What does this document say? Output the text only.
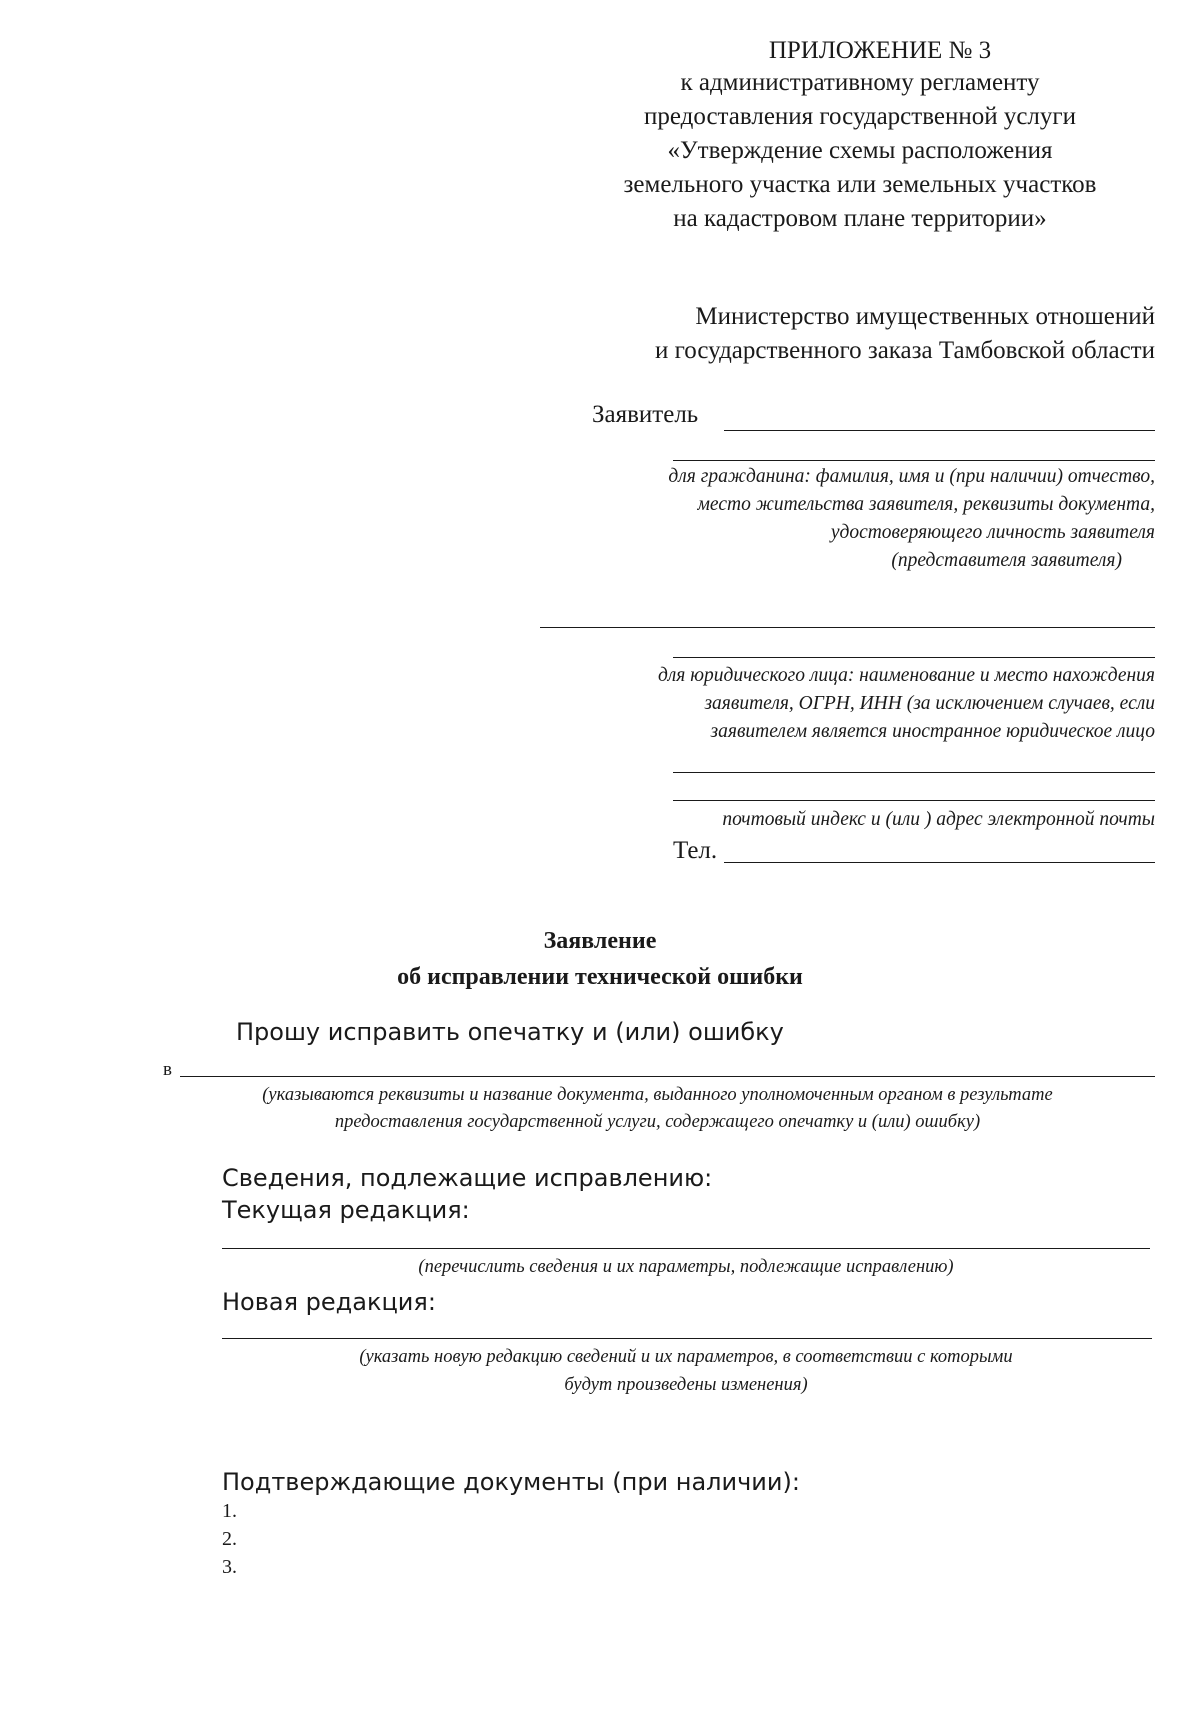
ПРИЛОЖЕНИЕ № 3
к административному регламенту
предоставления государственной услуги
«Утверждение схемы расположения
земельного участка или земельных участков
на кадастровом плане территории»
Министерство имущественных отношений
и государственного заказа Тамбовской области
Заявитель
для гражданина: фамилия, имя и (при наличии) отчество,
место жительства заявителя, реквизиты документа,
удостоверяющего личность заявителя
(представителя заявителя)
для юридического лица: наименование и место нахождения
заявителя, ОГРН, ИНН (за исключением случаев, если
заявителем является иностранное юридическое лицо
почтовый индекс и (или ) адрес электронной почты
Тел.
Заявление
об исправлении технической ошибки
Прошу исправить опечатку и (или) ошибку
в
(указываются реквизиты и название документа, выданного уполномоченным органом в результате
предоставления государственной услуги, содержащего опечатку и (или) ошибку)
Сведения, подлежащие исправлению:
Текущая редакция:
(перечислить сведения и их параметры, подлежащие исправлению)
Новая редакция:
(указать новую редакцию сведений и их параметров, в соответствии с которыми
будут произведены изменения)
Подтверждающие документы (при наличии):
1.
2.
3.
